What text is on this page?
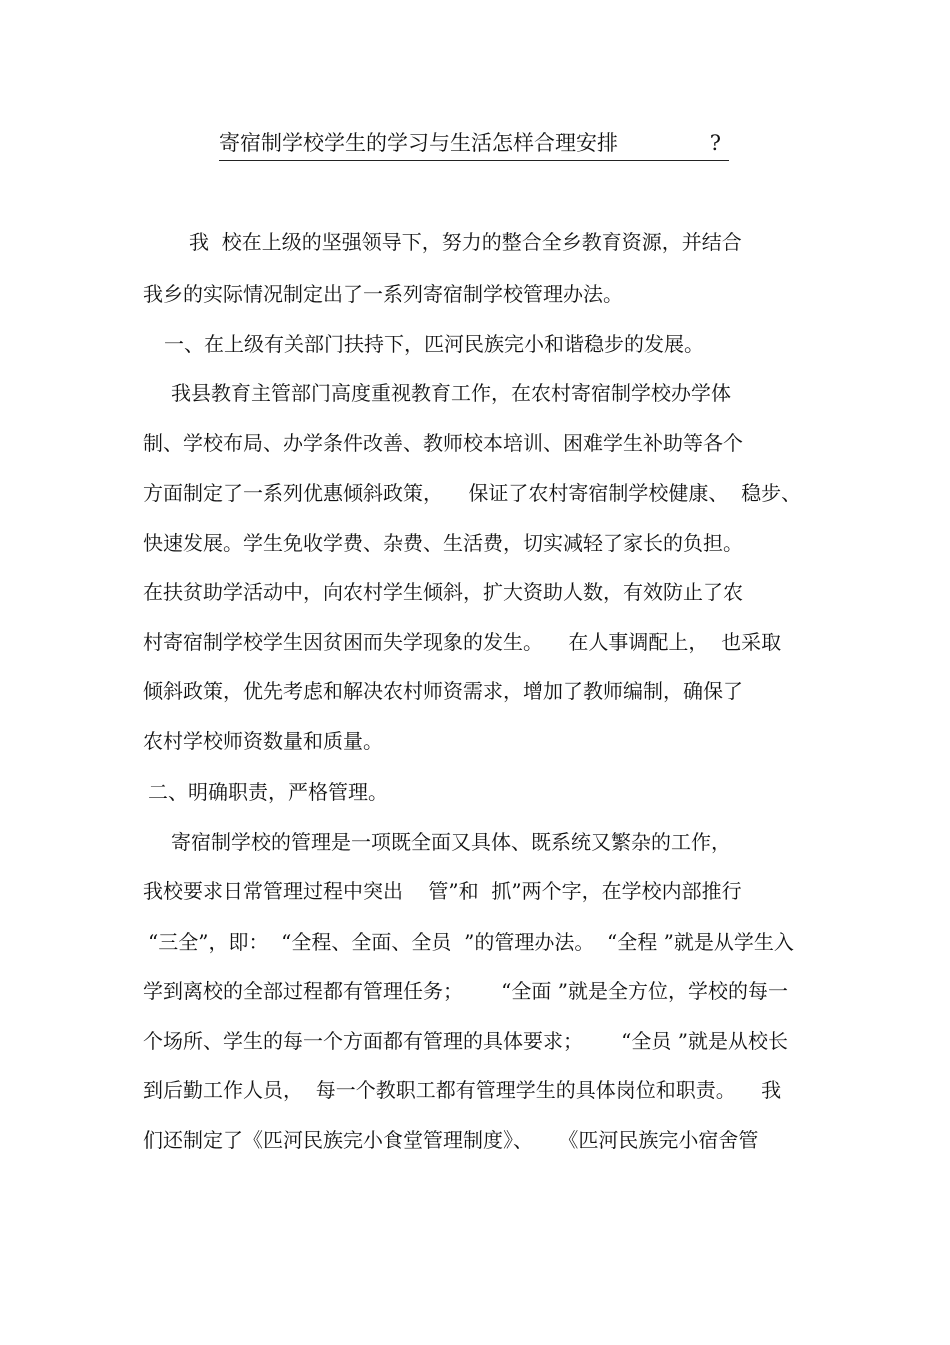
寄宿制学校学生的学习与生活怎样合理安排	?
我  校在上级的坚强领导下，努力的整合全乡教育资源，并结合
我乡的实际情况制定出了一系列寄宿制学校管理办法。
一、在上级有关部门扶持下，匹河民族完小和谐稳步的发展。
我县教育主管部门高度重视教育工作，在农村寄宿制学校办学体
制、学校布局、办学条件改善、教师校本培训、困难学生补助等各个
方面制定了一系列优惠倾斜政策，    保证了农村寄宿制学校健康、  稳步、
快速发展。学生免收学费、杂费、生活费，切实减轻了家长的负担。
在扶贫助学活动中，向农村学生倾斜，扩大资助人数，有效防止了农
村寄宿制学校学生因贫困而失学现象的发生。    在人事调配上，  也采取
倾斜政策，优先考虑和解决农村师资需求，增加了教师编制，确保了
农村学校师资数量和质量。
二、明确职责，严格管理。
寄宿制学校的管理是一项既全面又具体、既系统又繁杂的工作，
我校要求日常管理过程中突出    管”和  抓”两个字，在学校内部推行
“三全”，即：  “全程、全面、全员  ”的管理办法。  “全程 ”就是从学生入
学到离校的全部过程都有管理任务；      “全面 ”就是全方位，学校的每一
个场所、学生的每一个方面都有管理的具体要求；      “全员 ”就是从校长
到后勤工作人员，  每一个教职工都有管理学生的具体岗位和职责。    我
们还制定了《匹河民族完小食堂管理制度》、    《匹河民族完小宿舍管
